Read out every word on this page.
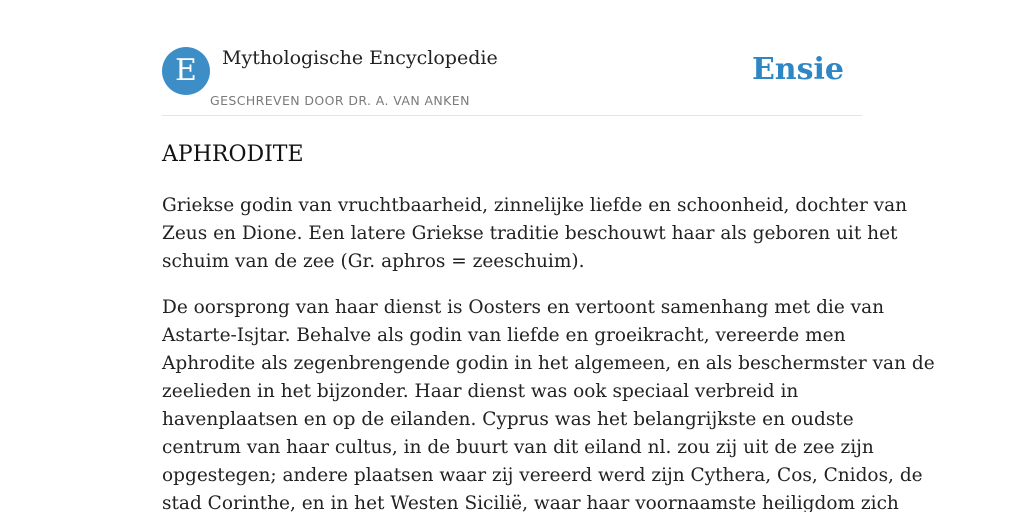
E	Mythologische Encyclopedie
GESCHREVEN DOOR DR. A. VAN ANKEN
Ensie
APHRODITE

Griekse godin van vruchtbaarheid, zinnelijke liefde en schoonheid, dochter van
Zeus en Dione. Een latere Griekse traditie beschouwt haar als geboren uit het
schuim van de zee (Gr. aphros = zeeschuim).

De oorsprong van haar dienst is Oosters en vertoont samenhang met die van
Astarte-Isjtar. Behalve als godin van liefde en groeikracht, vereerde men
Aphrodite als zegenbrengende godin in het algemeen, en als beschermster van de
zeelieden in het bijzonder. Haar dienst was ook speciaal verbreid in
havenplaatsen en op de eilanden. Cyprus was het belangrijkste en oudste
centrum van haar cultus, in de buurt van dit eiland nl. zou zij uit de zee zijn
opgestegen; andere plaatsen waar zij vereerd werd zijn Cythera, Cos, Cnidos, de
stad Corinthe, en in het Westen Sicilië, waar haar voornaamste heiligdom zich
